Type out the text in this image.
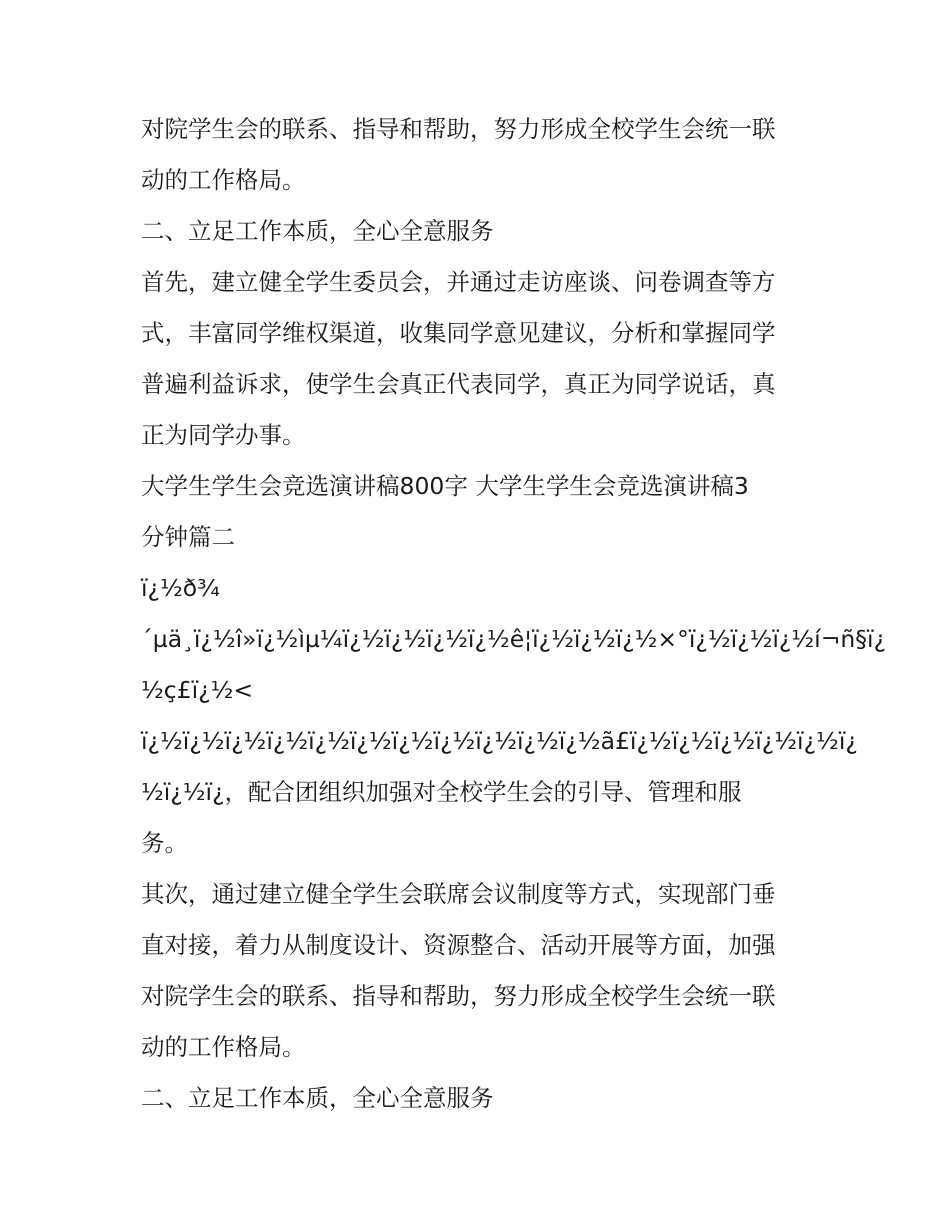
对院学生会的联系、指导和帮助，努力形成全校学生会统一联
动的工作格局。
二、立足工作本质，全心全意服务
首先，建立健全学生委员会，并通过走访座谈、问卷调查等方
式，丰富同学维权渠道，收集同学意见建议，分析和掌握同学
普遍利益诉求，使学生会真正代表同学，真正为同学说话，真
正为同学办事。
大学生学生会竞选演讲稿800字 大学生学生会竞选演讲稿3
分钟篇二
ï¿½ð¾
´µä¸ï¿½î»ï¿½ìµ¼ï¿½ï¿½ï¿½ï¿½ê¦ï¿½ï¿½ï¿½×°ï¿½ï¿½ï¿½í¬ñ§ï¿
½ç£ï¿½<
ï¿½ï¿½ï¿½ï¿½ï¿½ï¿½ï¿½ï¿½ï¿½ï¿½ï¿½ã£ï¿½ï¿½ï¿½ï¿½ï¿½ï¿
½ï¿½ï¿，配合团组织加强对全校学生会的引导、管理和服
务。
其次，通过建立健全学生会联席会议制度等方式，实现部门垂
直对接，着力从制度设计、资源整合、活动开展等方面，加强
对院学生会的联系、指导和帮助，努力形成全校学生会统一联
动的工作格局。
二、立足工作本质，全心全意服务
